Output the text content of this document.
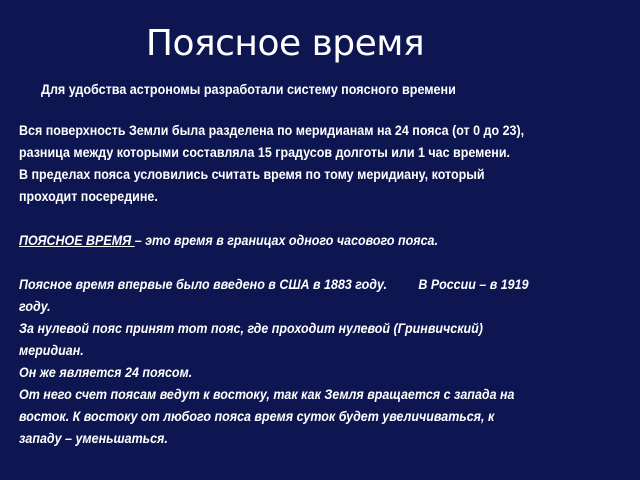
Поясное время
Для удобства астрономы разработали систему поясного времени
Вся поверхность Земли была разделена по меридианам на 24 пояса (от 0 до 23),
разница между которыми составляла 15 градусов долготы или 1 час времени.
В пределах пояса условились считать время по тому меридиану, который
проходит посередине.
ПОЯСНОЕ ВРЕМЯ – это время в границах одного часового пояса.
Поясное время впервые было введено в США в 1883 году. В России – в 1919
году.
За нулевой пояс принят тот пояс, где проходит нулевой (Гринвичский)
меридиан.
Он же является 24 поясом.
От него счет поясам ведут к востоку, так как Земля вращается с запада на
восток. К востоку от любого пояса время суток будет увеличиваться, к
западу – уменьшаться.
